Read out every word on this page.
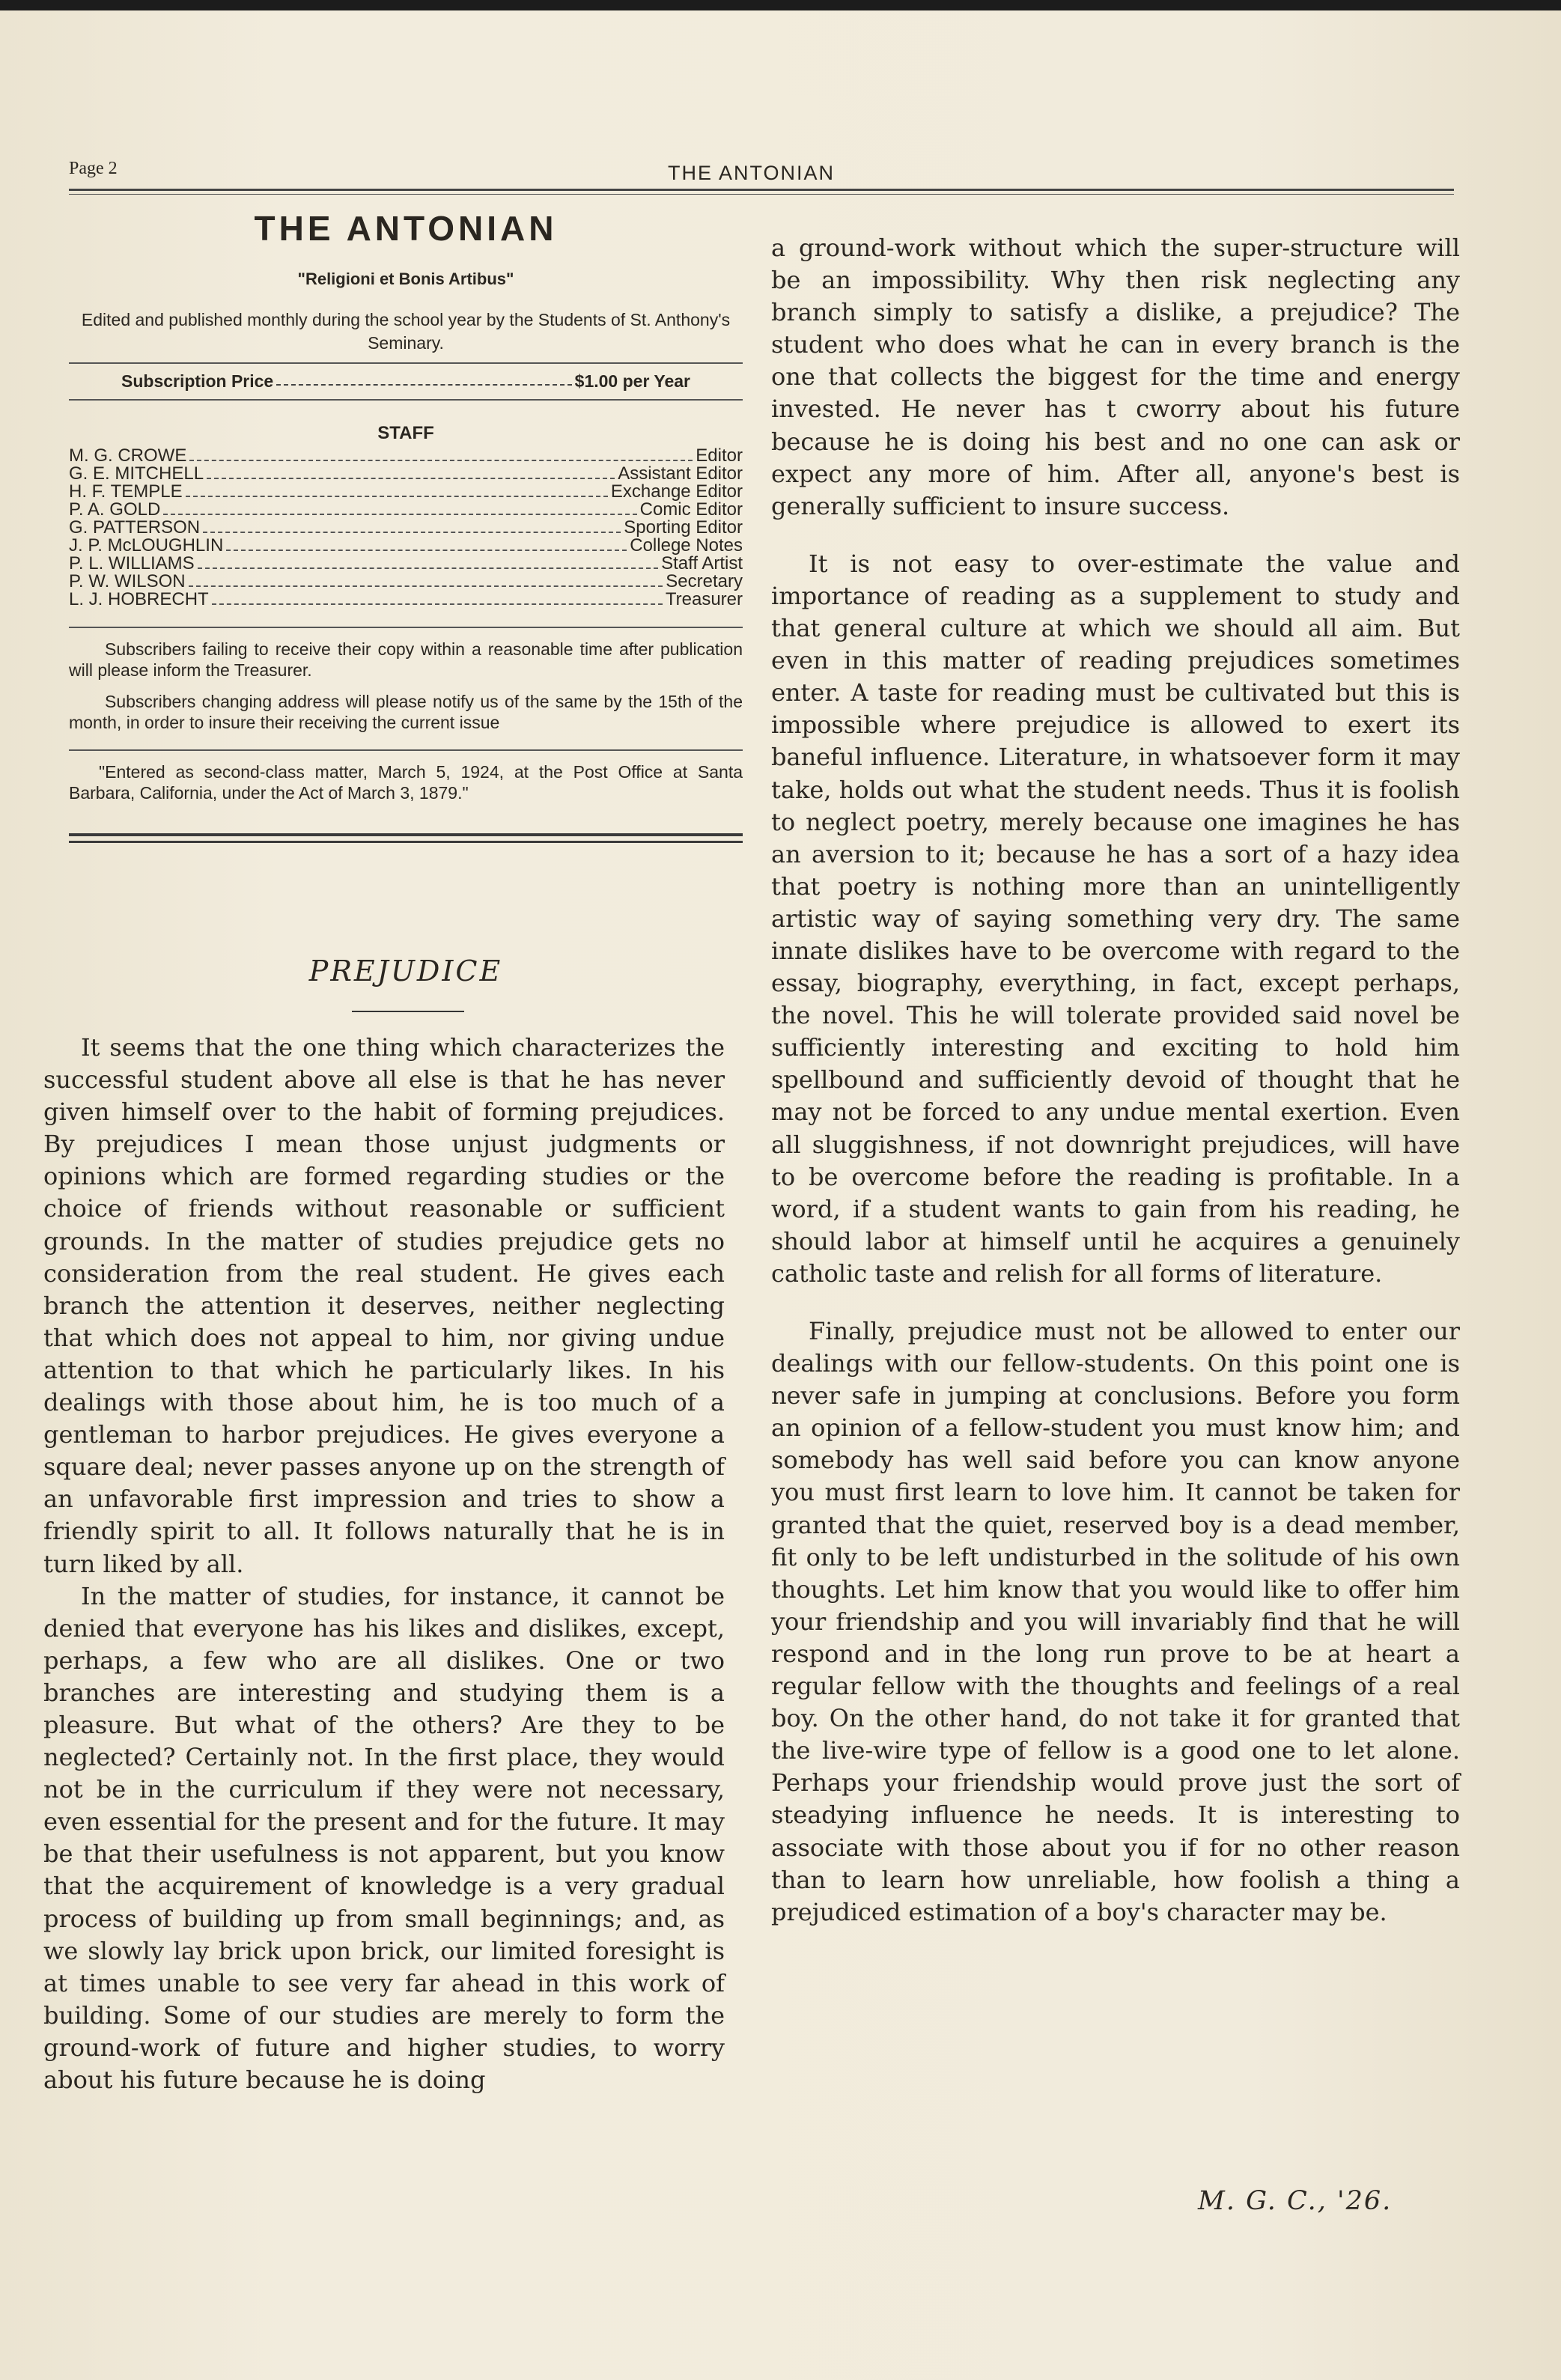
Page 2	THE ANTONIAN
THE ANTONIAN
"Religioni et Bonis Artibus"
Edited and published monthly during the school year by the Students of St. Anthony's Seminary.
Subscription Price	$1.00 per Year
STAFF
M. G. CROWE	Editor
G. E. MITCHELL	Assistant Editor
H. F. TEMPLE	Exchange Editor
P. A. GOLD	Comic Editor
G. PATTERSON	Sporting Editor
J. P. McLOUGHLIN	College Notes
P. L. WILLIAMS	Staff Artist
P. W. WILSON	Secretary
L. J. HOBRECHT	Treasurer
Subscribers failing to receive their copy within a reasonable time after publication will please inform the Treasurer.
Subscribers changing address will please notify us of the same by the 15th of the month, in order to insure their receiving the current issue
"Entered as second-class matter, March 5, 1924, at the Post Office at Santa Barbara, California, under the Act of March 3, 1879."
PREJUDICE

It seems that the one thing which characterizes the successful student above all else is that he has never given himself over to the habit of forming prejudices. By prejudices I mean those unjust judgments or opinions which are formed regarding studies or the choice of friends without reasonable or sufficient grounds. In the matter of studies prejudice gets no consideration from the real student. He gives each branch the attention it deserves, neither neglecting that which does not appeal to him, nor giving undue attention to that which he particularly likes. In his dealings with those about him, he is too much of a gentleman to harbor prejudices. He gives everyone a square deal; never passes anyone up on the strength of an unfavorable first impression and tries to show a friendly spirit to all. It follows naturally that he is in turn liked by all.

In the matter of studies, for instance, it cannot be denied that everyone has his likes and dislikes, except, perhaps, a few who are all dislikes. One or two branches are interesting and studying them is a pleasure. But what of the others? Are they to be neglected? Certainly not. In the first place, they would not be in the curriculum if they were not necessary, even essential for the present and for the future. It may be that their usefulness is not apparent, but you know that the acquirement of knowledge is a very gradual process of building up from small beginnings; and, as we slowly lay brick upon brick, our limited foresight is at times unable to see very far ahead in this work of building. Some of our studies are merely to form the ground-work of future and higher studies, to worry about his future because he is doing

a ground-work without which the super-structure will be an impossibility. Why then risk neglecting any branch simply to satisfy a dislike, a prejudice? The student who does what he can in every branch is the one that collects the biggest for the time and energy invested. He never has t cworry about his future because he is doing his best and no one can ask or expect any more of him. After all, anyone's best is generally sufficient to insure success.

It is not easy to over-estimate the value and importance of reading as a supplement to study and that general culture at which we should all aim. But even in this matter of reading prejudices sometimes enter. A taste for reading must be cultivated but this is impossible where prejudice is allowed to exert its baneful influence. Literature, in whatsoever form it may take, holds out what the student needs. Thus it is foolish to neglect poetry, merely because one imagines he has an aversion to it; because he has a sort of a hazy idea that poetry is nothing more than an unintelligently artistic way of saying something very dry. The same innate dislikes have to be overcome with regard to the essay, biography, everything, in fact, except perhaps, the novel. This he will tolerate provided said novel be sufficiently interesting and exciting to hold him spellbound and sufficiently devoid of thought that he may not be forced to any undue mental exertion. Even all sluggishness, if not downright prejudices, will have to be overcome before the reading is profitable. In a word, if a student wants to gain from his reading, he should labor at himself until he acquires a genuinely catholic taste and relish for all forms of literature.

Finally, prejudice must not be allowed to enter our dealings with our fellow-students. On this point one is never safe in jumping at conclusions. Before you form an opinion of a fellow-student you must know him; and somebody has well said before you can know anyone you must first learn to love him. It cannot be taken for granted that the quiet, reserved boy is a dead member, fit only to be left undisturbed in the solitude of his own thoughts. Let him know that you would like to offer him your friendship and you will invariably find that he will respond and in the long run prove to be at heart a regular fellow with the thoughts and feelings of a real boy. On the other hand, do not take it for granted that the live-wire type of fellow is a good one to let alone. Perhaps your friendship would prove just the sort of steadying influence he needs. It is interesting to associate with those about you if for no other reason than to learn how unreliable, how foolish a thing a prejudiced estimation of a boy's character may be.

M. G. C., '26.
